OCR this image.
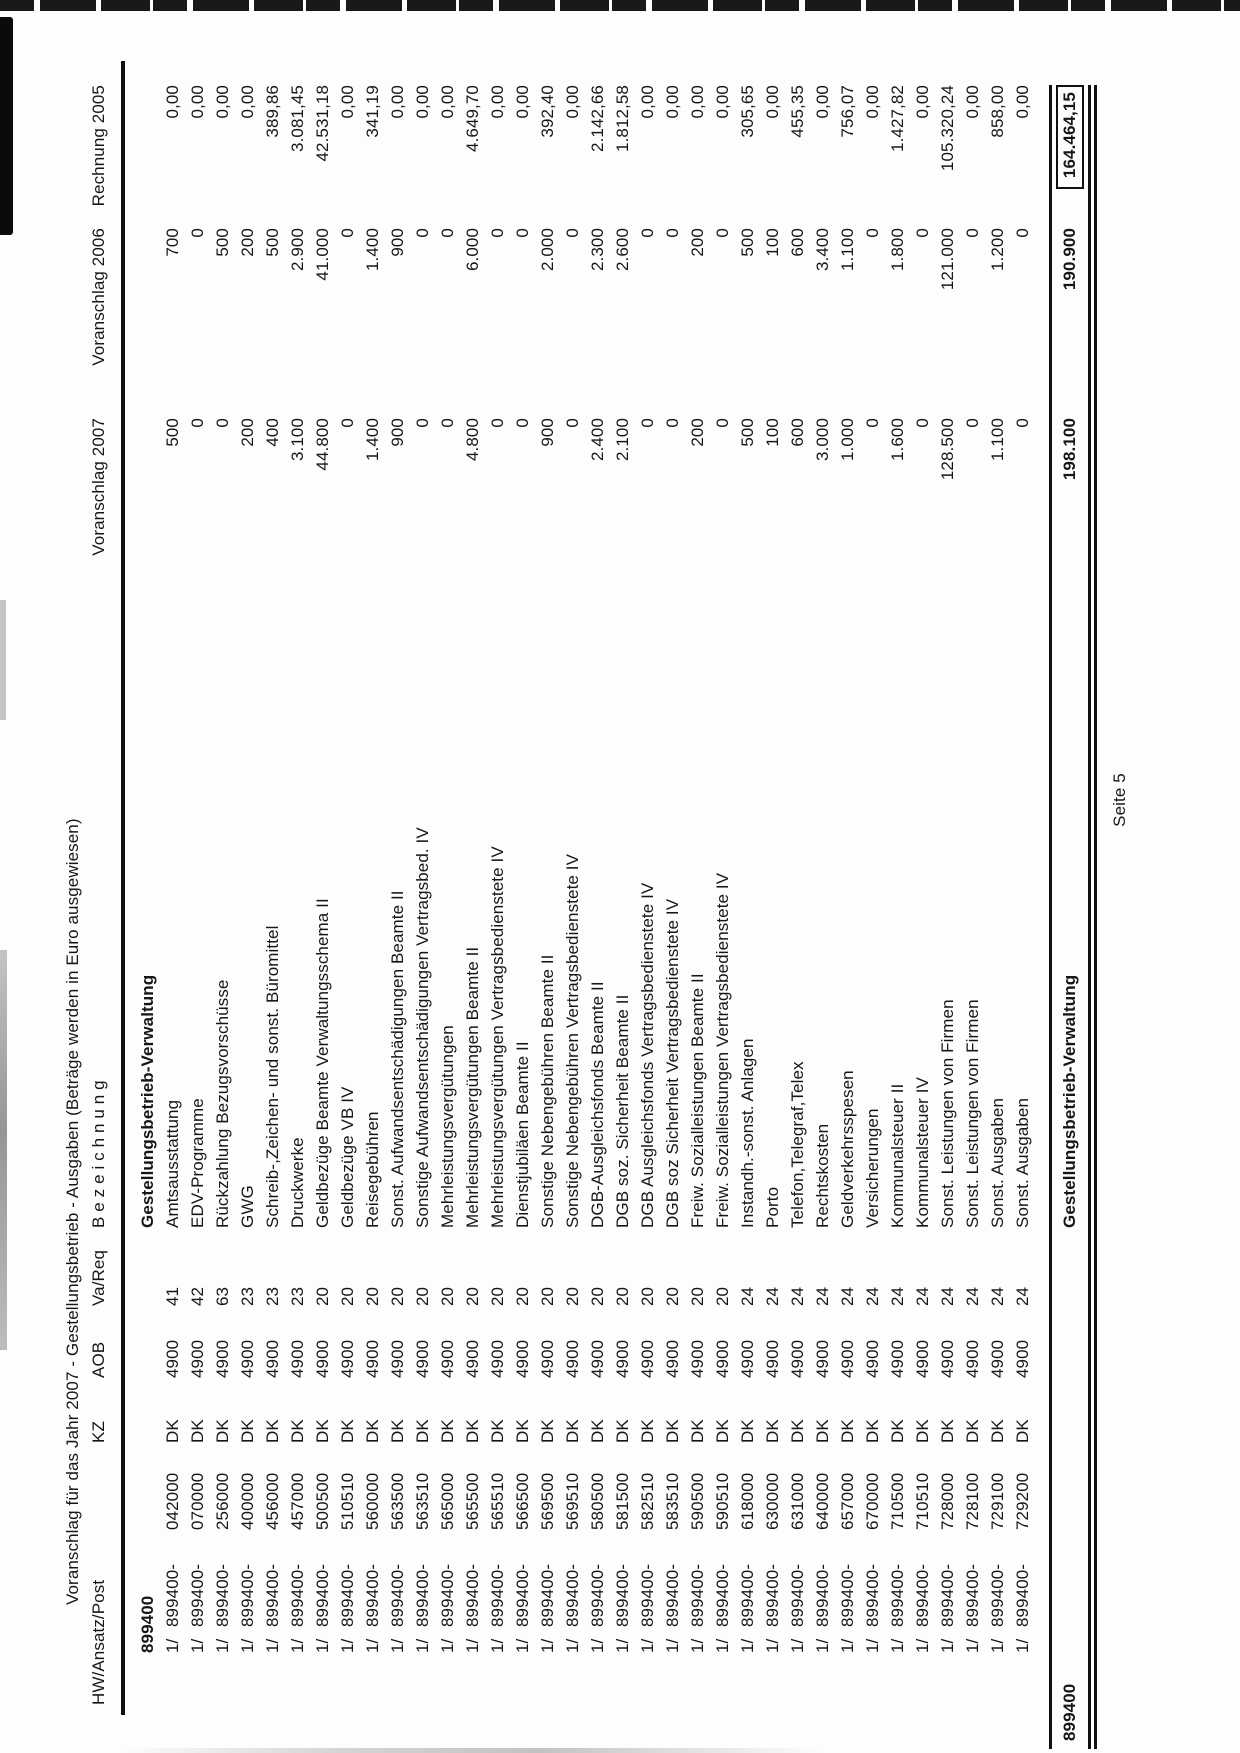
Voranschlag für das Jahr 2007 - Gestellungsbetrieb - Ausgaben (Beträge werden in Euro ausgewiesen)
HW/Ansatz/Post
KZ
AOB
Va/Req
B e z e i c h n u n g
Voranschlag 2007
Voranschlag 2006
Rechnung 2005
899400
Gestellungsbetrieb-Verwaltung
1/
899400-
042000
DK
4900
41
Amtsausstattung
500
700
0,00
1/
899400-
070000
DK
4900
42
EDV-Programme
0
0
0,00
1/
899400-
256000
DK
4900
63
Rückzahlung Bezugsvorschüsse
0
500
0,00
1/
899400-
400000
DK
4900
23
GWG
200
200
0,00
1/
899400-
456000
DK
4900
23
Schreib-,Zeichen- und sonst. Büromittel
400
500
389,86
1/
899400-
457000
DK
4900
23
Druckwerke
3.100
2.900
3.081,45
1/
899400-
500500
DK
4900
20
Geldbezüge Beamte Verwaltungsschema II
44.800
41.000
42.531,18
1/
899400-
510510
DK
4900
20
Geldbezüge VB IV
0
0
0,00
1/
899400-
560000
DK
4900
20
Reisegebühren
1.400
1.400
341,19
1/
899400-
563500
DK
4900
20
Sonst. Aufwandsentschädigungen Beamte II
900
900
0,00
1/
899400-
563510
DK
4900
20
Sonstige Aufwandsentschädigungen Vertragsbed. IV
0
0
0,00
1/
899400-
565000
DK
4900
20
Mehrleistungsvergütungen
0
0
0,00
1/
899400-
565500
DK
4900
20
Mehrleistungsvergütungen Beamte II
4.800
6.000
4.649,70
1/
899400-
565510
DK
4900
20
Mehrleistungsvergütungen Vertragsbedienstete IV
0
0
0,00
1/
899400-
566500
DK
4900
20
Dienstjubiläen Beamte II
0
0
0,00
1/
899400-
569500
DK
4900
20
Sonstige Nebengebühren Beamte II
900
2.000
392,40
1/
899400-
569510
DK
4900
20
Sonstige Nebengebühren Vertragsbedienstete IV
0
0
0,00
1/
899400-
580500
DK
4900
20
DGB-Ausgleichsfonds Beamte II
2.400
2.300
2.142,66
1/
899400-
581500
DK
4900
20
DGB soz. Sicherheit Beamte II
2.100
2.600
1.812,58
1/
899400-
582510
DK
4900
20
DGB Ausgleichsfonds Vertragsbedienstete IV
0
0
0,00
1/
899400-
583510
DK
4900
20
DGB soz Sicherheit Vertragsbedienstete IV
0
0
0,00
1/
899400-
590500
DK
4900
20
Freiw. Sozialleistungen Beamte II
200
200
0,00
1/
899400-
590510
DK
4900
20
Freiw. Sozialleistungen Vertragsbedienstete IV
0
0
0,00
1/
899400-
618000
DK
4900
24
Instandh.-sonst. Anlagen
500
500
305,65
1/
899400-
630000
DK
4900
24
Porto
100
100
0,00
1/
899400-
631000
DK
4900
24
Telefon,Telegraf,Telex
600
600
455,35
1/
899400-
640000
DK
4900
24
Rechtskosten
3.000
3.400
0,00
1/
899400-
657000
DK
4900
24
Geldverkehrsspesen
1.000
1.100
756,07
1/
899400-
670000
DK
4900
24
Versicherungen
0
0
0,00
1/
899400-
710500
DK
4900
24
Kommunalsteuer II
1.600
1.800
1.427,82
1/
899400-
710510
DK
4900
24
Kommunalsteuer IV
0
0
0,00
1/
899400-
728000
DK
4900
24
Sonst. Leistungen von Firmen
128.500
121.000
105.320,24
1/
899400-
728100
DK
4900
24
Sonst. Leistungen von Firmen
0
0
0,00
1/
899400-
729100
DK
4900
24
Sonst. Ausgaben
1.100
1.200
858,00
1/
899400-
729200
DK
4900
24
Sonst. Ausgaben
0
0
0,00
899400
Gestellungsbetrieb-Verwaltung
198.100
190.900
164.464,15
Seite 5
